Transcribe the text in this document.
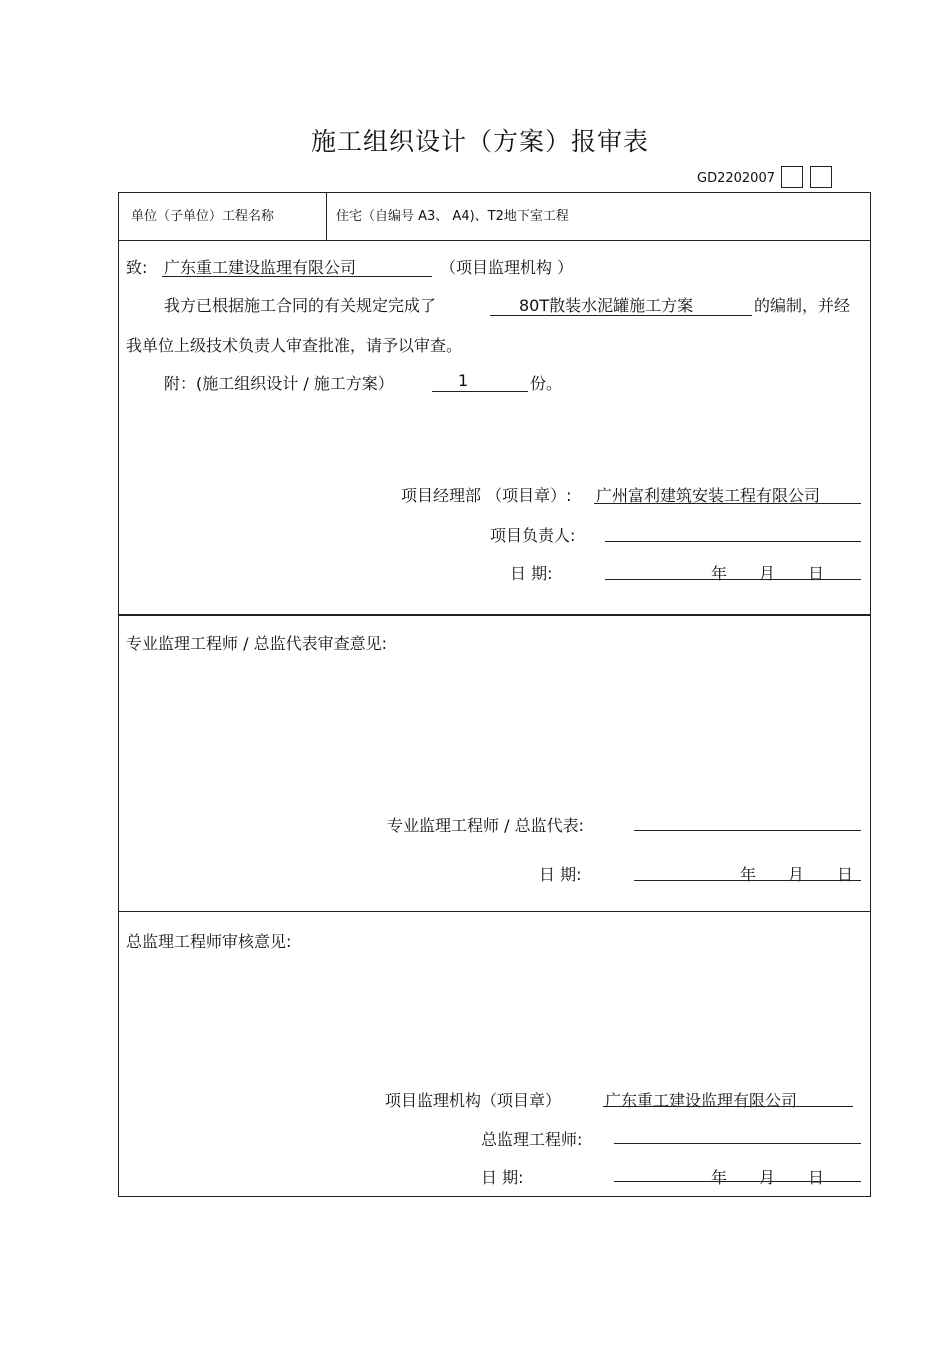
施工组织设计（方案）报审表
GD2202007
单位（子单位）工程名称	住宅（自编号 A3、 A4)、T2地下室工程
致: 广东重工建设监理有限公司	（项目监理机构 ）
我方已根据施工合同的有关规定完成了	80T散装水泥罐施工方案	的编制，并经
我单位上级技术负责人审查批准，请予以审查。
附：(施工组织设计 / 施工方案）	1	份。
项目经理部 （项目章）: 广州富利建筑安装工程有限公司
项目负责人:
日 期:	年 月 日
专业监理工程师 / 总监代表审查意见:
专业监理工程师 / 总监代表:
日 期:	年 月 日
总监理工程师审核意见:
项目监理机构（项目章）	广东重工建设监理有限公司
总监理工程师:
日 期:	年 月 日
